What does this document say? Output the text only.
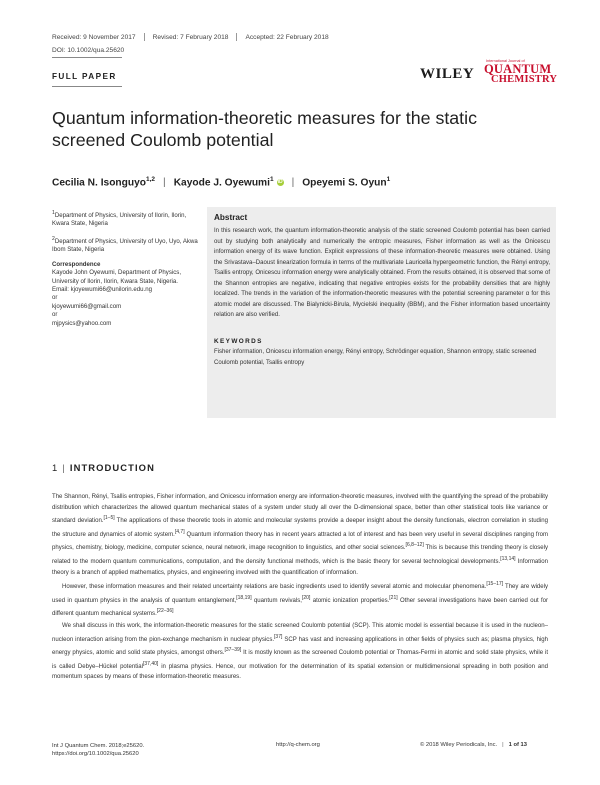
Received: 9 November 2017	Revised: 7 February 2018	Accepted: 22 February 2018
DOI: 10.1002/qua.25620
FULL PAPER	WILEY
International Journal of
QUANTUM
CHEMISTRY
Quantum information-theoretic measures for the static screened Coulomb potential
Cecilia N. Isonguyo$^{1,2}$ | Kayode J. Oyewumi$^1$ iD | Opeyemi S. Oyun$^1$

$^1$Department of Physics, University of Ilorin, Ilorin, Kwara State, Nigeria

$^2$Department of Physics, University of Uyo, Uyo, Akwa Ibom State, Nigeria

Correspondence

Kayode John Oyewumi, Department of Physics, University of Ilorin, Ilorin, Kwara State, Nigeria.

Email: kjoyewumi66@unilorin.edu.ng
or
kjoyewumi66@gmail.com
or
mjpysics@yahoo.com
Abstract
In this research work, the quantum information-theoretic analysis of the static screened Coulomb potential has been carried out by studying both analytically and numerically the entropic measures, Fisher information as well as the Onicescu information energy of its wave function. Explicit expressions of these information-theoretic measures were obtained. Using the Srivastava–Daoust linearization formula in terms of the multivariate Lauricella hypergeometric function, the Rényi entropy, Tsallis entropy, Onicescu information energy were analytically obtained. From the results obtained, it is observed that some of the Shannon entropies are negative, indicating that negative entropies exists for the probability densities that are highly localized. The trends in the variation of the information-theoretic measures with the potential screening parameter α for this atomic model are discussed. The Bialynicki-Birula, Mycielski inequality (BBM), and the Fisher information based uncertainty relation are also verified.
KEYWORDS
Fisher information, Onicescu information energy, Rényi entropy, Schrödinger equation, Shannon entropy, static screened Coulomb potential, Tsallis entropy
1 | INTRODUCTION

The Shannon, Rényi, Tsallis entropies, Fisher information, and Onicescu information energy are information-theoretic measures, involved with the quantifying the spread of the probability distribution which characterizes the allowed quantum mechanical states of a system under study all over the D-dimensional space, better than other statistical tools like variance or standard deviation.[1–5] The applications of these theoretic tools in atomic and molecular systems provide a deeper insight about the density functionals, electron correlation in studing the structure and dynamics of atomic system.[4,7] Quantum information theory has in recent years attracted a lot of interest and has been very useful in several disciplines ranging from physics, chemistry, biology, medicine, computer science, neural network, image recognition to linguistics, and other social sciences.[6,8–12] This is because this trending theory is closely related to the modern quantum communications, computation, and the density functional methods, which is the basic theory for several technological developments.[13,14] Information theory is a branch of applied mathematics, physics, and engineering involved with the quantification of information.

However, these information measures and their related uncertainty relations are basic ingredients used to identify several atomic and molecular phenomena.[15–17] They are widely used in quantum physics in the analysis of quantum entanglement,[18,19] quantum revivals,[20] atomic ionization properties.[21] Other several investigations have been carried out for different quantum mechanical systems.[22–36]

We shall discuss in this work, the information-theoretic measures for the static screened Coulomb potential (SCP). This atomic model is essential because it is used in the nucleon–nucleon interaction arising from the pion-exchange mechanism in nuclear physics.[37] SCP has vast and increasing applications in other fields of physics such as; plasma physics, high energy physics, atomic and solid state physics, amongst others.[37–39] It is mostly known as the screened Coulomb potential or Thomas-Fermi in atomic and solid state physics, while it is called Debye–Hückel potential[37,40] in plasma physics. Hence, our motivation for the determination of its spatial extension or multidimensional spreading in both position and momentum spaces by means of these information-theoretic measures.

Int J Quantum Chem. 2018;e25620.
https://doi.org/10.1002/qua.25620
http://q-chem.org	© 2018 Wiley Periodicals, Inc. | 1 of 13
